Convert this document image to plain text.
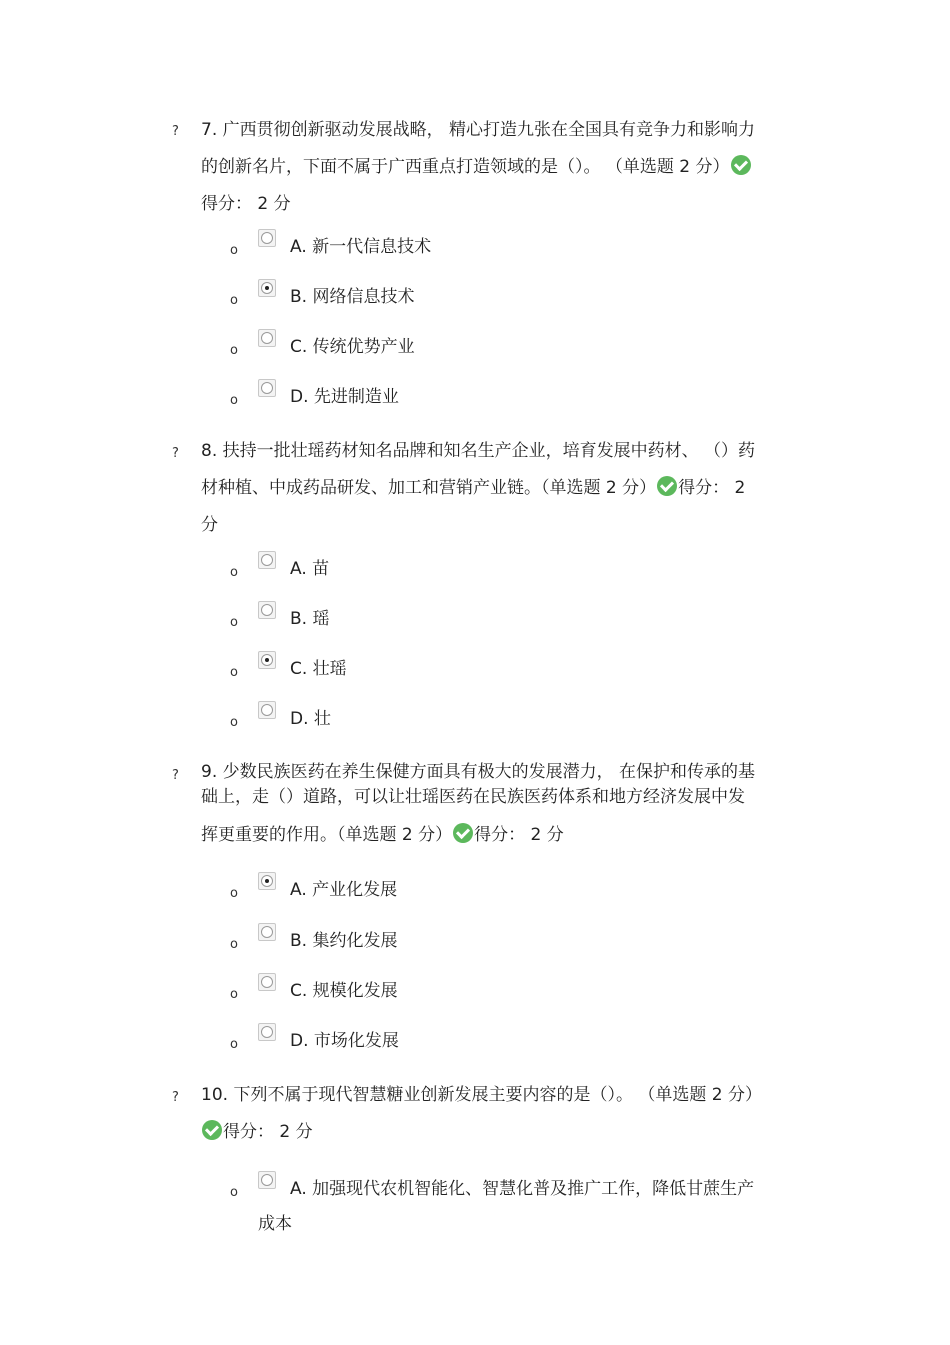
? 7. 广西贯彻创新驱动发展战略， 精心打造九张在全国具有竞争力和影响力
的创新名片，下面不属于广西重点打造领域的是（）。 （单选题 2 分）
得分： 2 分
o	A. 新一代信息技术
o	B. 网络信息技术
o	C. 传统优势产业
o	D. 先进制造业
? 8. 扶持一批壮瑶药材知名品牌和知名生产企业，培育发展中药材、 （）药
材种植、中成药品研发、加工和营销产业链。（单选题 2 分） 得分： 2
分
o	A. 苗
o	B. 瑶
o	C. 壮瑶
o	D. 壮
? 9. 少数民族医药在养生保健方面具有极大的发展潜力， 在保护和传承的基
础上，走（）道路，可以让壮瑶医药在民族医药体系和地方经济发展中发
挥更重要的作用。（单选题 2 分） 得分： 2 分
o	A. 产业化发展
o	B. 集约化发展
o	C. 规模化发展
o	D. 市场化发展
? 10. 下列不属于现代智慧糖业创新发展主要内容的是（）。 （单选题 2 分）
得分： 2 分
o	A. 加强现代农机智能化、智慧化普及推广工作，降低甘蔗生产
成本
